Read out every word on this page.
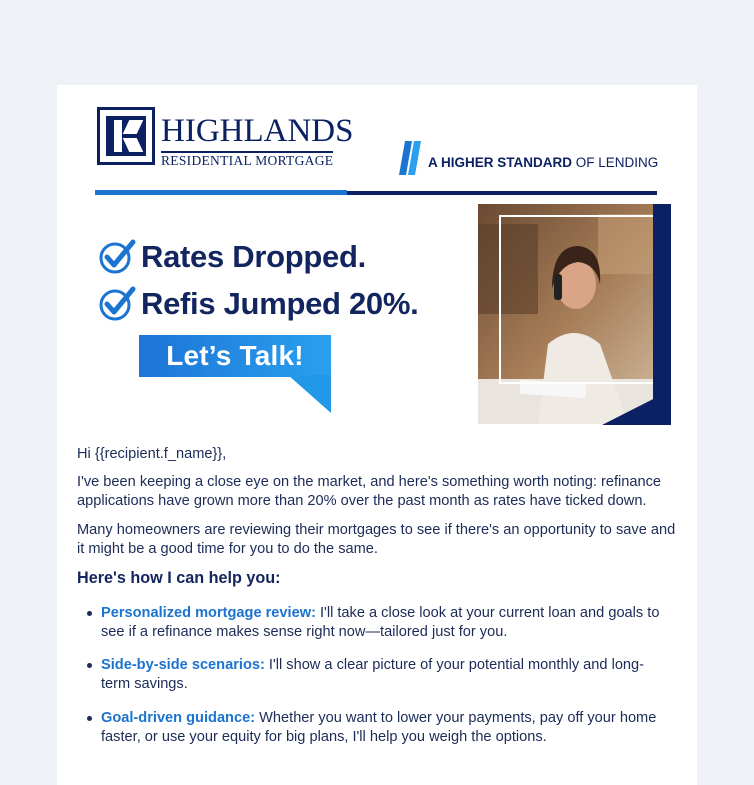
HIGHLANDS
RESIDENTIAL MORTGAGE	A HIGHER STANDARD OF LENDING
Rates Dropped.
Refis Jumped 20%.
Let’s Talk!
Hi {{recipient.f_name}},
I've been keeping a close eye on the market, and here's something worth noting: refinance applications have grown more than 20% over the past month as rates have ticked down.
Many homeowners are reviewing their mortgages to see if there's an opportunity to save and it might be a good time for you to do the same.
Here's how I can help you:
Personalized mortgage review: I'll take a close look at your current loan and goals to see if a refinance makes sense right now—tailored just for you.
Side-by-side scenarios: I'll show a clear picture of your potential monthly and long-term savings.
Goal-driven guidance: Whether you want to lower your payments, pay off your home faster, or use your equity for big plans, I'll help you weigh the options.
